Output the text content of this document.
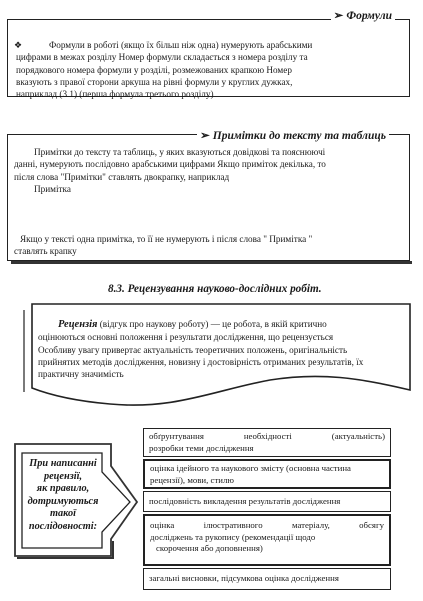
➢ Формули
❖	Формули в роботі (якщо їх більш ніж одна) нумерують арабськими
цифрами в межах розділу Номер формули складається з номера розділу та
порядкового номера формули у розділі, розмежованих крапкою Номер
вказують з правої сторони аркуша на рівні формули у круглих дужках,
наприклад (3 1) (перша формула третього розділу)
➢ Примітки до тексту та таблиць
Примітки до тексту та таблиць, у яких вказуються довідкові та пояснюючі
данні, нумерують послідовно арабськими цифрами Якщо приміток декілька, то
після слова "Примітки" ставлять двокрапку, наприклад
Примітка
Якщо у тексті одна примітка, то її не нумерують і після слова " Примітка "
ставлять крапку
8.3. Рецензування науково-дослідних робіт.
Рецензія (відгук про наукову роботу) — це робота, в якій критично
оцінюються основні положення і результати дослідження, що рецензується
Особливу увагу привертає актуальність теоретичних положень, оригінальність
прийнятих методів дослідження, новизну і достовірність отриманих результатів, їх
практичну значимість
При написанні
рецензії,
як правило,
дотримуються
такої
послідовності:
обґрунтування необхідності (актуальність)
розробки теми дослідження
оцінка ідейного та наукового змісту (основна частина
рецензії), мови, стилю
послідовність викладення результатів дослідження
оцінка ілюстративного матеріалу, обсягу
досліджень та рукопису (рекомендації щодо
скорочення або доповнення)
загальні висновки, підсумкова оцінка дослідження
